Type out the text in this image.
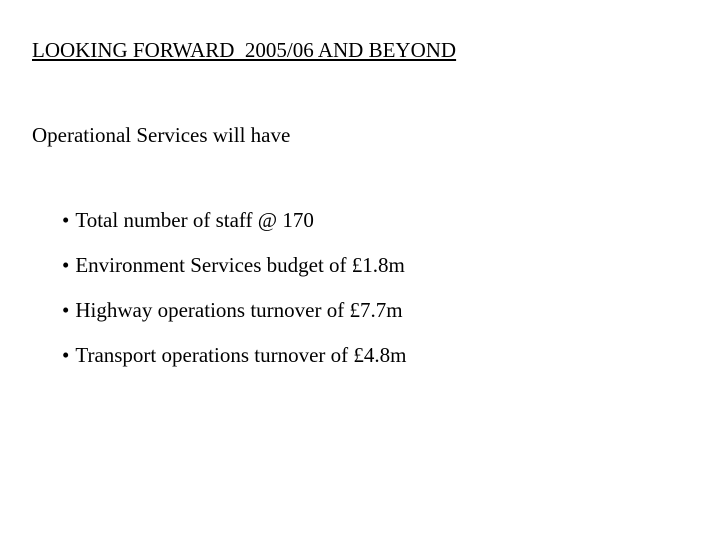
LOOKING FORWARD  2005/06 AND BEYOND

Operational Services will have

• Total number of staff @ 170
• Environment Services budget of £1.8m
• Highway operations turnover of £7.7m
• Transport operations turnover of £4.8m
